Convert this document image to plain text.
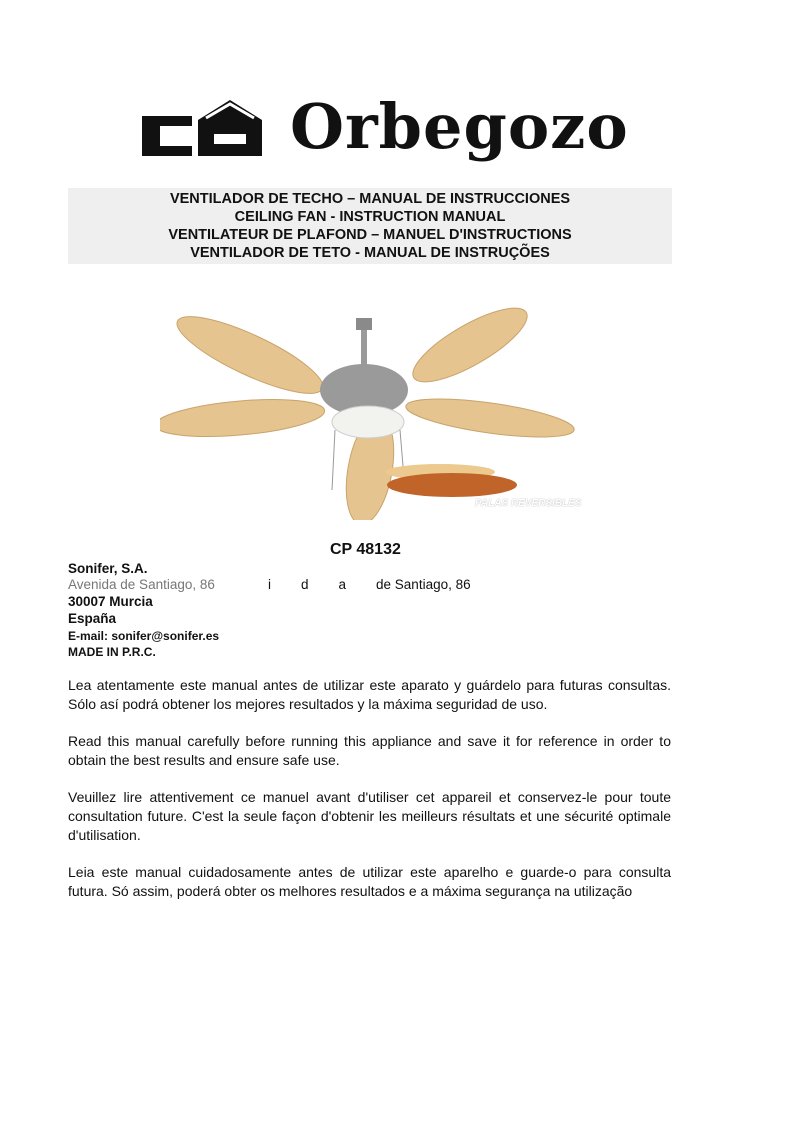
Orbegozo
VENTILADOR DE TECHO – MANUAL DE INSTRUCCIONES
CEILING FAN - INSTRUCTION MANUAL
VENTILATEUR DE PLAFOND – MANUEL D'INSTRUCTIONS
VENTILADOR DE TETO - MANUAL DE INSTRUÇÕES
PALAS REVERSIBLES
CP 48132
Sonifer, S.A.
Avenida de Santiago, 86	i        d        a        de Santiago, 86
30007 Murcia
España
E-mail: sonifer@sonifer.es
MADE IN P.R.C.

Lea atentamente este manual antes de utilizar este aparato y guárdelo para futuras consultas. Sólo así podrá obtener los mejores resultados y la máxima seguridad de uso.

Read this manual carefully before running this appliance and save it for reference in order to obtain the best results and ensure safe use.

Veuillez lire attentivement ce manuel avant d'utiliser cet appareil et conservez-le pour toute consultation future. C'est la seule façon d'obtenir les meilleurs résultats et une sécurité optimale d'utilisation.

Leia este manual cuidadosamente antes de utilizar este aparelho e guarde-o para consulta futura. Só assim, poderá obter os melhores resultados e a máxima segurança na utilização
